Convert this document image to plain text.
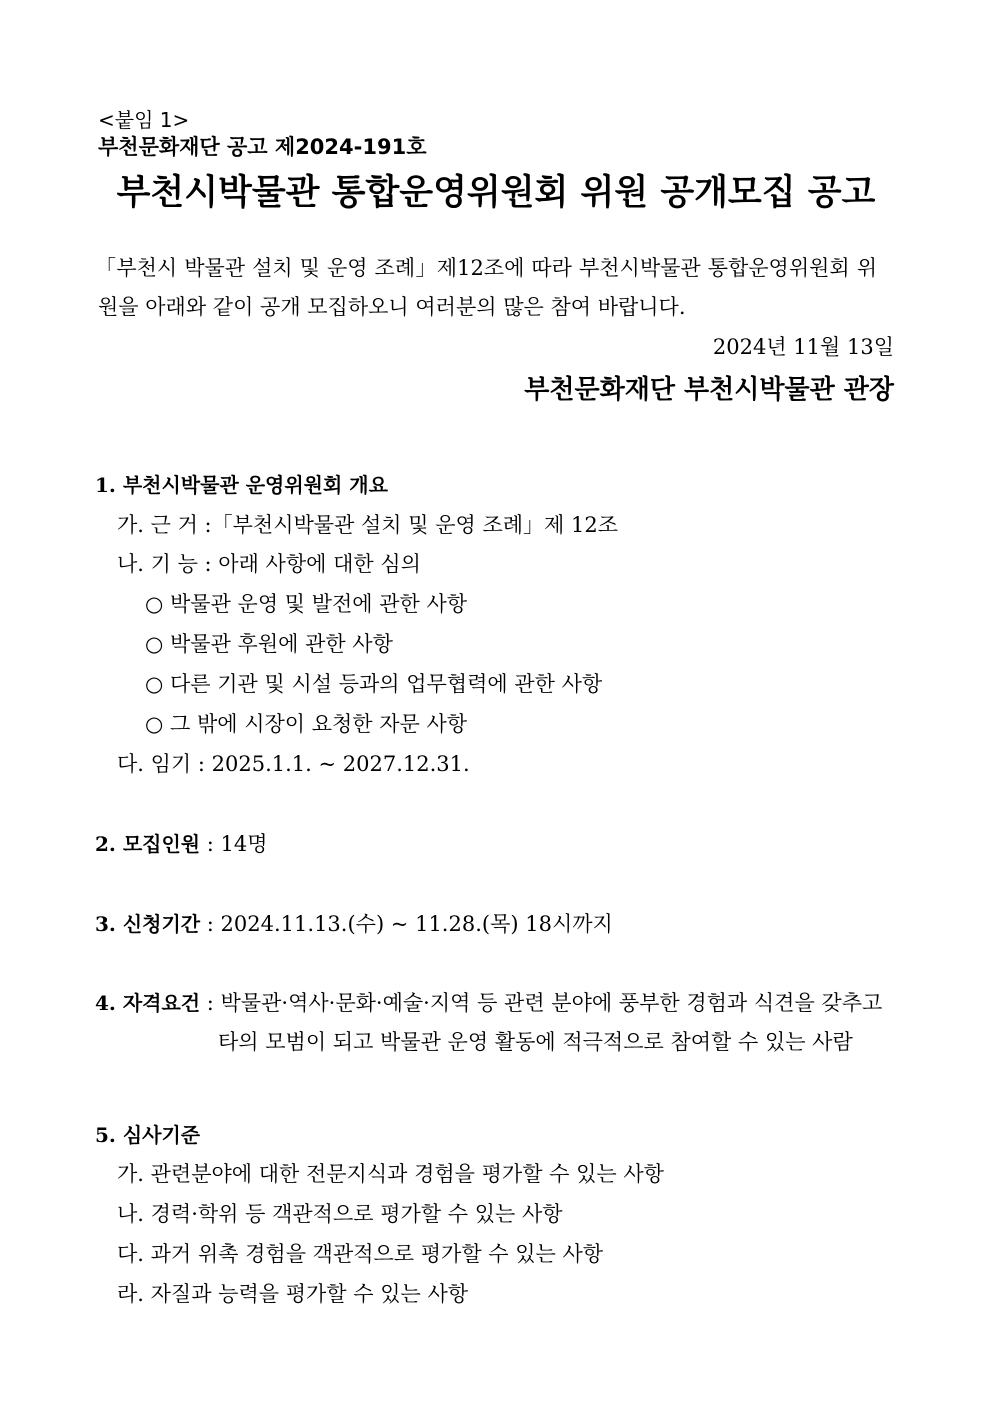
<붙임 1>
부천문화재단 공고 제2024-191호
부천시박물관 통합운영위원회 위원 공개모집 공고
「부천시 박물관 설치 및 운영 조례」제12조에 따라 부천시박물관 통합운영위원회 위
원을 아래와 같이 공개 모집하오니 여러분의 많은 참여 바랍니다.
2024년 11월 13일
부천문화재단 부천시박물관 관장
1. 부천시박물관 운영위원회 개요
가. 근 거 :「부천시박물관 설치 및 운영 조례」제 12조
나. 기 능 : 아래 사항에 대한 심의
○ 박물관 운영 및 발전에 관한 사항
○ 박물관 후원에 관한 사항
○ 다른 기관 및 시설 등과의 업무협력에 관한 사항
○ 그 밖에 시장이 요청한 자문 사항
다. 임기 : 2025.1.1. ~ 2027.12.31.
2. 모집인원 : 14명
3. 신청기간 : 2024.11.13.(수) ~ 11.28.(목) 18시까지
4. 자격요건 : 박물관·역사·문화·예술·지역 등 관련 분야에 풍부한 경험과 식견을 갖추고
타의 모범이 되고 박물관 운영 활동에 적극적으로 참여할 수 있는 사람
5. 심사기준
가. 관련분야에 대한 전문지식과 경험을 평가할 수 있는 사항
나. 경력·학위 등 객관적으로 평가할 수 있는 사항
다. 과거 위촉 경험을 객관적으로 평가할 수 있는 사항
라. 자질과 능력을 평가할 수 있는 사항
